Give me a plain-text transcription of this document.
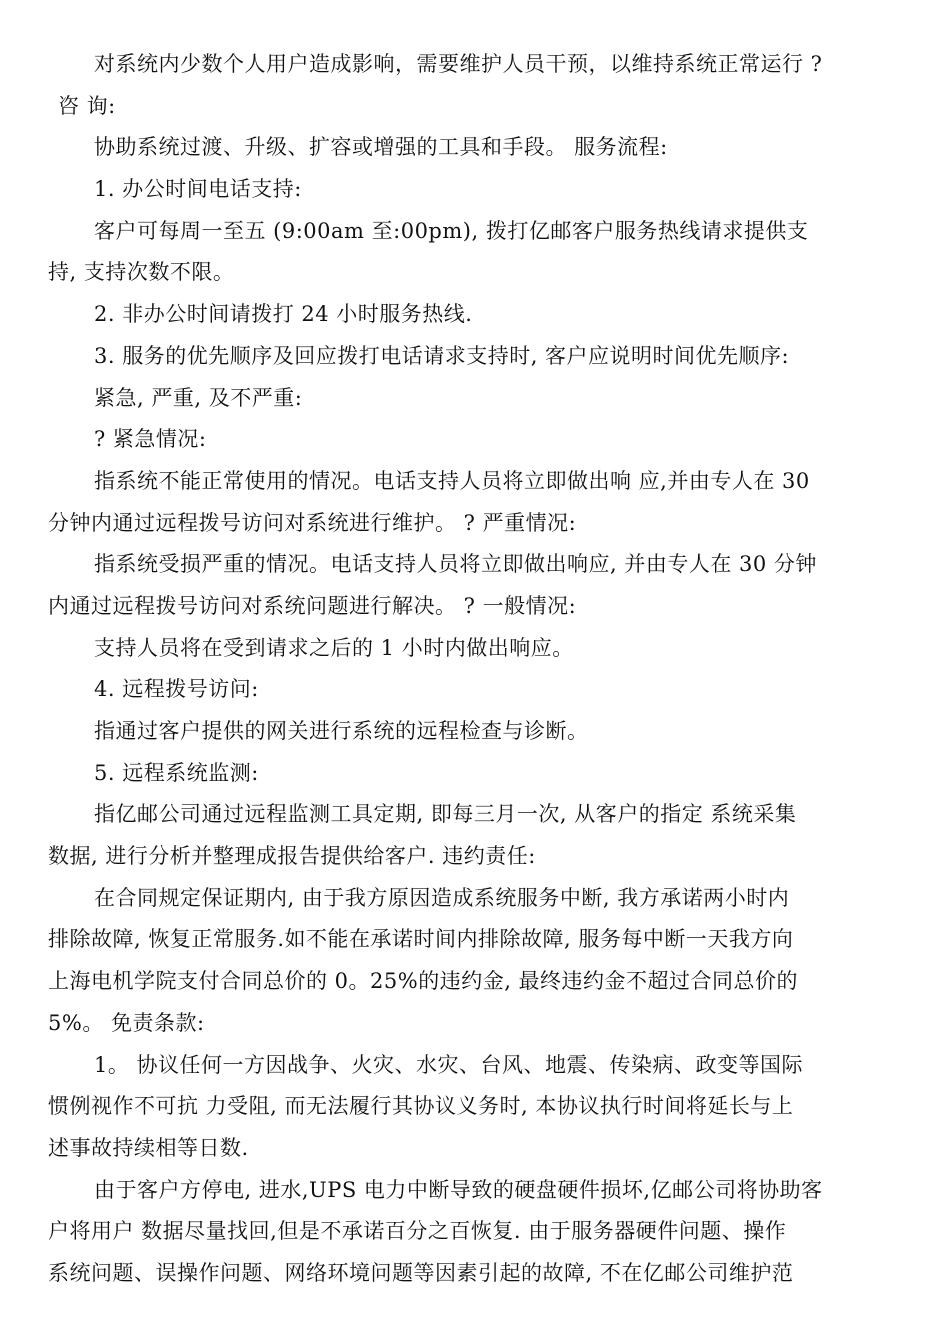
对系统内少数个人用户造成影响，需要维护人员干预，以维持系统正常运行 ?
咨 询:
协助系统过渡、升级、扩容或增强的工具和手段。 服务流程:
1. 办公时间电话支持:
客户可每周一至五 (9:00am 至:00pm), 拨打亿邮客户服务热线请求提供支
持, 支持次数不限。
2. 非办公时间请拨打 24 小时服务热线.
3. 服务的优先顺序及回应拨打电话请求支持时, 客户应说明时间优先顺序:
紧急, 严重, 及不严重:
? 紧急情况:
指系统不能正常使用的情况。电话支持人员将立即做出响 应,并由专人在 30
分钟内通过远程拨号访问对系统进行维护。 ? 严重情况:
指系统受损严重的情况。电话支持人员将立即做出响应, 并由专人在 30 分钟
内通过远程拨号访问对系统问题进行解决。 ? 一般情况:
支持人员将在受到请求之后的 1 小时内做出响应。
4. 远程拨号访问:
指通过客户提供的网关进行系统的远程检查与诊断。
5. 远程系统监测:
指亿邮公司通过远程监测工具定期, 即每三月一次, 从客户的指定 系统采集
数据, 进行分析并整理成报告提供给客户. 违约责任:
在合同规定保证期内, 由于我方原因造成系统服务中断, 我方承诺两小时内
排除故障, 恢复正常服务.如不能在承诺时间内排除故障, 服务每中断一天我方向
上海电机学院支付合同总价的 0。25%的违约金, 最终违约金不超过合同总价的
5%。 免责条款:
1。 协议任何一方因战争、火灾、水灾、台风、地震、传染病、政变等国际
惯例视作不可抗 力受阻, 而无法履行其协议义务时, 本协议执行时间将延长与上
述事故持续相等日数.
由于客户方停电, 进水,UPS 电力中断导致的硬盘硬件损坏,亿邮公司将协助客
户将用户 数据尽量找回,但是不承诺百分之百恢复. 由于服务器硬件问题、操作
系统问题、误操作问题、网络环境问题等因素引起的故障, 不在亿邮公司维护范
